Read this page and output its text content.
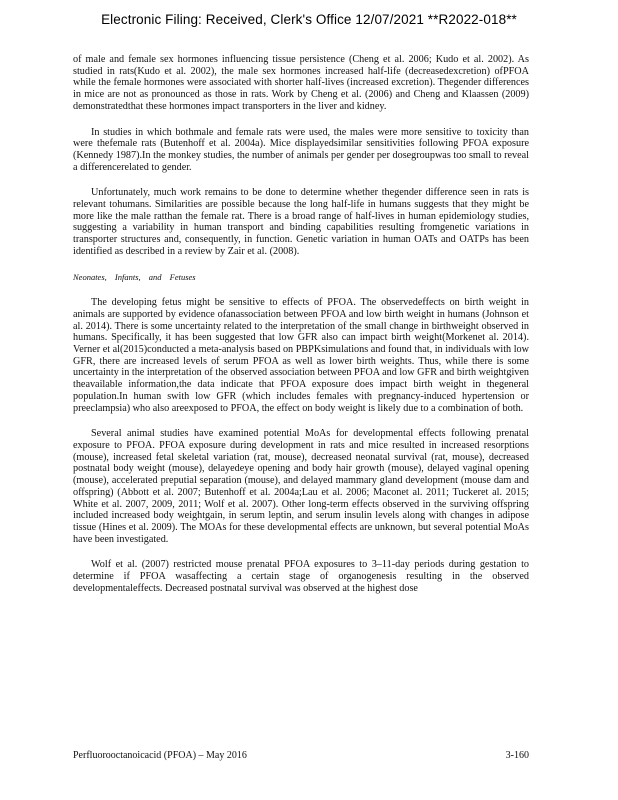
Electronic Filing: Received, Clerk's Office 12/07/2021 **R2022-018**

of male and female sex hormones influencing tissue persistence (Cheng et al. 2006; Kudo et al. 2002). As studied in rats(Kudo et al. 2002), the male sex hormones increased half-life (decreasedexcretion) ofPFOA while the female hormones were associated with shorter half-lives (increased excretion). Thegender differences in mice are not as pronounced as those in rats. Work by Cheng et al. (2006) and Cheng and Klaassen (2009) demonstratedthat these hormones impact transporters in the liver and kidney.

In studies in which bothmale and female rats were used, the males were more sensitive to toxicity than were thefemale rats (Butenhoff et al. 2004a). Mice displayedsimilar sensitivities following PFOA exposure (Kennedy 1987).In the monkey studies, the number of animals per gender per dosegroupwas too small to reveal a differencerelated to gender.

Unfortunately, much work remains to be done to determine whether thegender difference seen in rats is relevant tohumans. Similarities are possible because the long half-life in humans suggests that they might be more like the male ratthan the female rat. There is a broad range of half-lives in human epidemiology studies, suggesting a variability in human transport and binding capabilities resulting fromgenetic variations in transporter structures and, consequently, in function. Genetic variation in human OATs and OATPs has been identified as described in a review by Zair et al. (2008).

Neonates, Infants, and Fetuses

The developing fetus might be sensitive to effects of PFOA. The observedeffects on birth weight in animals are supported by evidence ofanassociation between PFOA and low birth weight in humans (Johnson et al. 2014). There is some uncertainty related to the interpretation of the small change in birthweight observed in humans. Specifically, it has been suggested that low GFR also can impact birth weight(Morkenet al. 2014). Verner et al(2015)conducted a meta-analysis based on PBPKsimulations and found that, in individuals with low GFR, there are increased levels of serum PFOA as well as lower birth weights. Thus, while there is some uncertainty in the interpretation of the observed association between PFOA and low GFR and birth weightgiven theavailable information,the data indicate that PFOA exposure does impact birth weight in thegeneral population.In human swith low GFR (which includes females with pregnancy-induced hypertension or preeclampsia) who also areexposed to PFOA, the effect on body weight is likely due to a combination of both.

Several animal studies have examined potential MoAs for developmental effects following prenatal exposure to PFOA. PFOA exposure during development in rats and mice resulted in increased resorptions (mouse), increased fetal skeletal variation (rat, mouse), decreased neonatal survival (rat, mouse), decreased postnatal body weight (mouse), delayedeye opening and body hair growth (mouse), delayed vaginal opening (mouse), accelerated preputial separation (mouse), and delayed mammary gland development (mouse dam and offspring) (Abbott et al. 2007; Butenhoff et al. 2004a;Lau et al. 2006; Maconet al. 2011; Tuckeret al. 2015; White et al. 2007, 2009, 2011; Wolf et al. 2007). Other long-term effects observed in the surviving offspring included increased body weightgain, in serum leptin, and serum insulin levels along with changes in adipose tissue (Hines et al. 2009). The MOAs for these developmental effects are unknown, but several potential MoAs have been investigated.

Wolf et al. (2007) restricted mouse prenatal PFOA exposures to 3–11-day periods during gestation to determine if PFOA wasaffecting a certain stage of organogenesis resulting in the observed developmentaleffects. Decreased postnatal survival was observed at the highest dose

Perfluorooctanoicacid (PFOA) – May 2016	3-160
